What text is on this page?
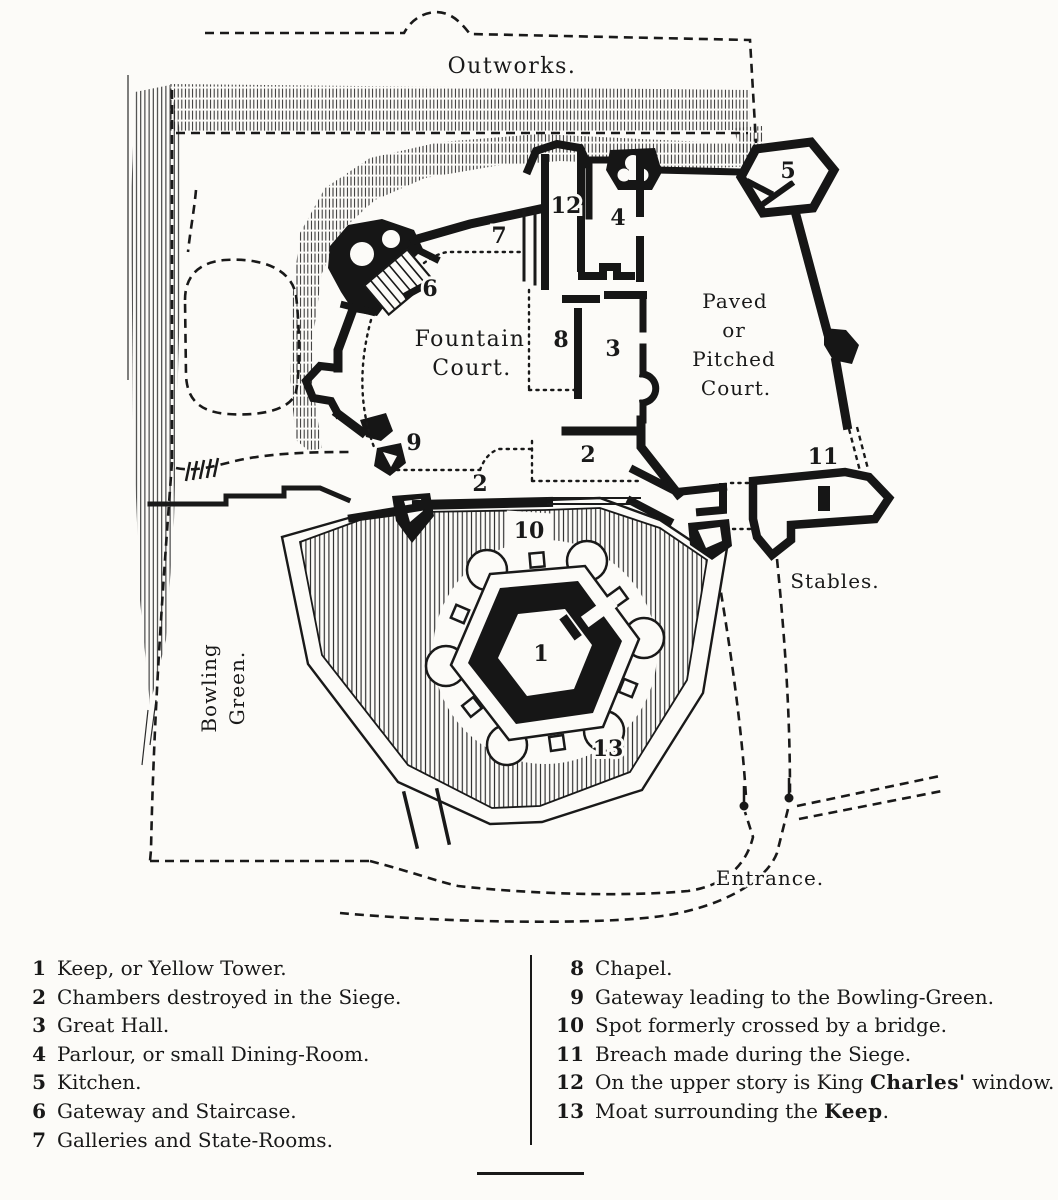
Outworks.
Fountain
Court.
Paved
or
Pitched
Court.
Bowling Green.
Stables.
Entrance.
1
2
2
3
4
5
6
7
8
9
10
11
12
13
1 Keep, or Yellow Tower.
2 Chambers destroyed in the Siege.
3 Great Hall.
4 Parlour, or small Dining-Room.
5 Kitchen.
6 Gateway and Staircase.
7 Galleries and State-Rooms.
8 Chapel.
9 Gateway leading to the Bowling-Green.
10 Spot formerly crossed by a bridge.
11 Breach made during the Siege.
12 On the upper story is King Charles' window.
13 Moat surrounding the Keep.
